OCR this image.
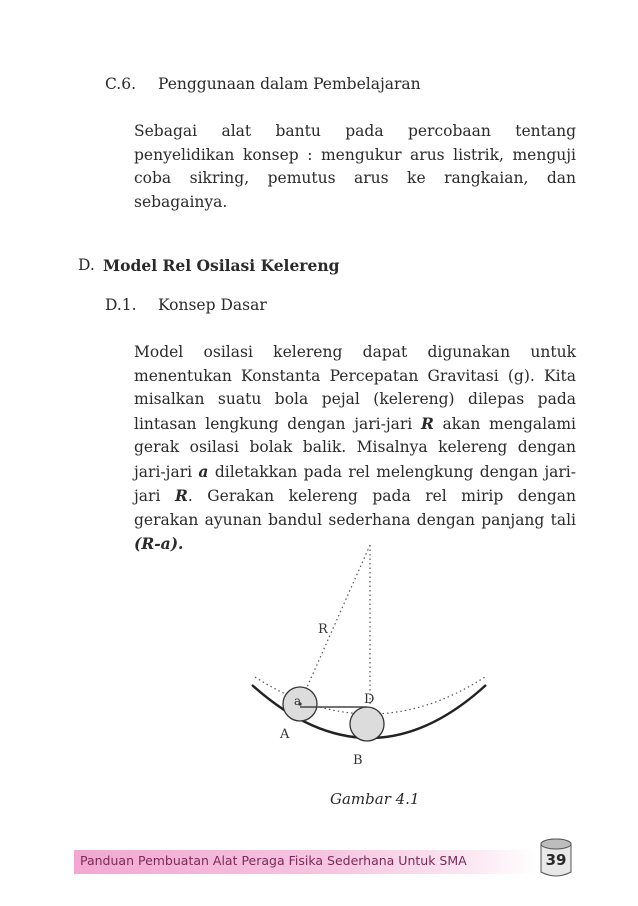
C.6. Penggunaan dalam Pembelajaran

Sebagai alat bantu pada percobaan tentang penyelidikan konsep : mengukur arus listrik, menguji coba sikring, pemutus arus ke rangkaian, dan sebagainya.

D. Model Rel Osilasi Kelereng
D.1. Konsep Dasar

Model osilasi kelereng dapat digunakan untuk menentukan Konstanta Percepatan Gravitasi (g). Kita misalkan suatu bola pejal (kelereng) dilepas pada lintasan lengkung dengan jari-jari R akan mengalami gerak osilasi bolak balik. Misalnya kelereng dengan jari-jari a diletakkan pada rel melengkung dengan jari-jari R. Gerakan kelereng pada rel mirip dengan gerakan ayunan bandul sederhana dengan panjang tali (R-a).

R
a	D
A
B
Gambar 4.1
Panduan Pembuatan Alat Peraga Fisika Sederhana Untuk SMA	39
